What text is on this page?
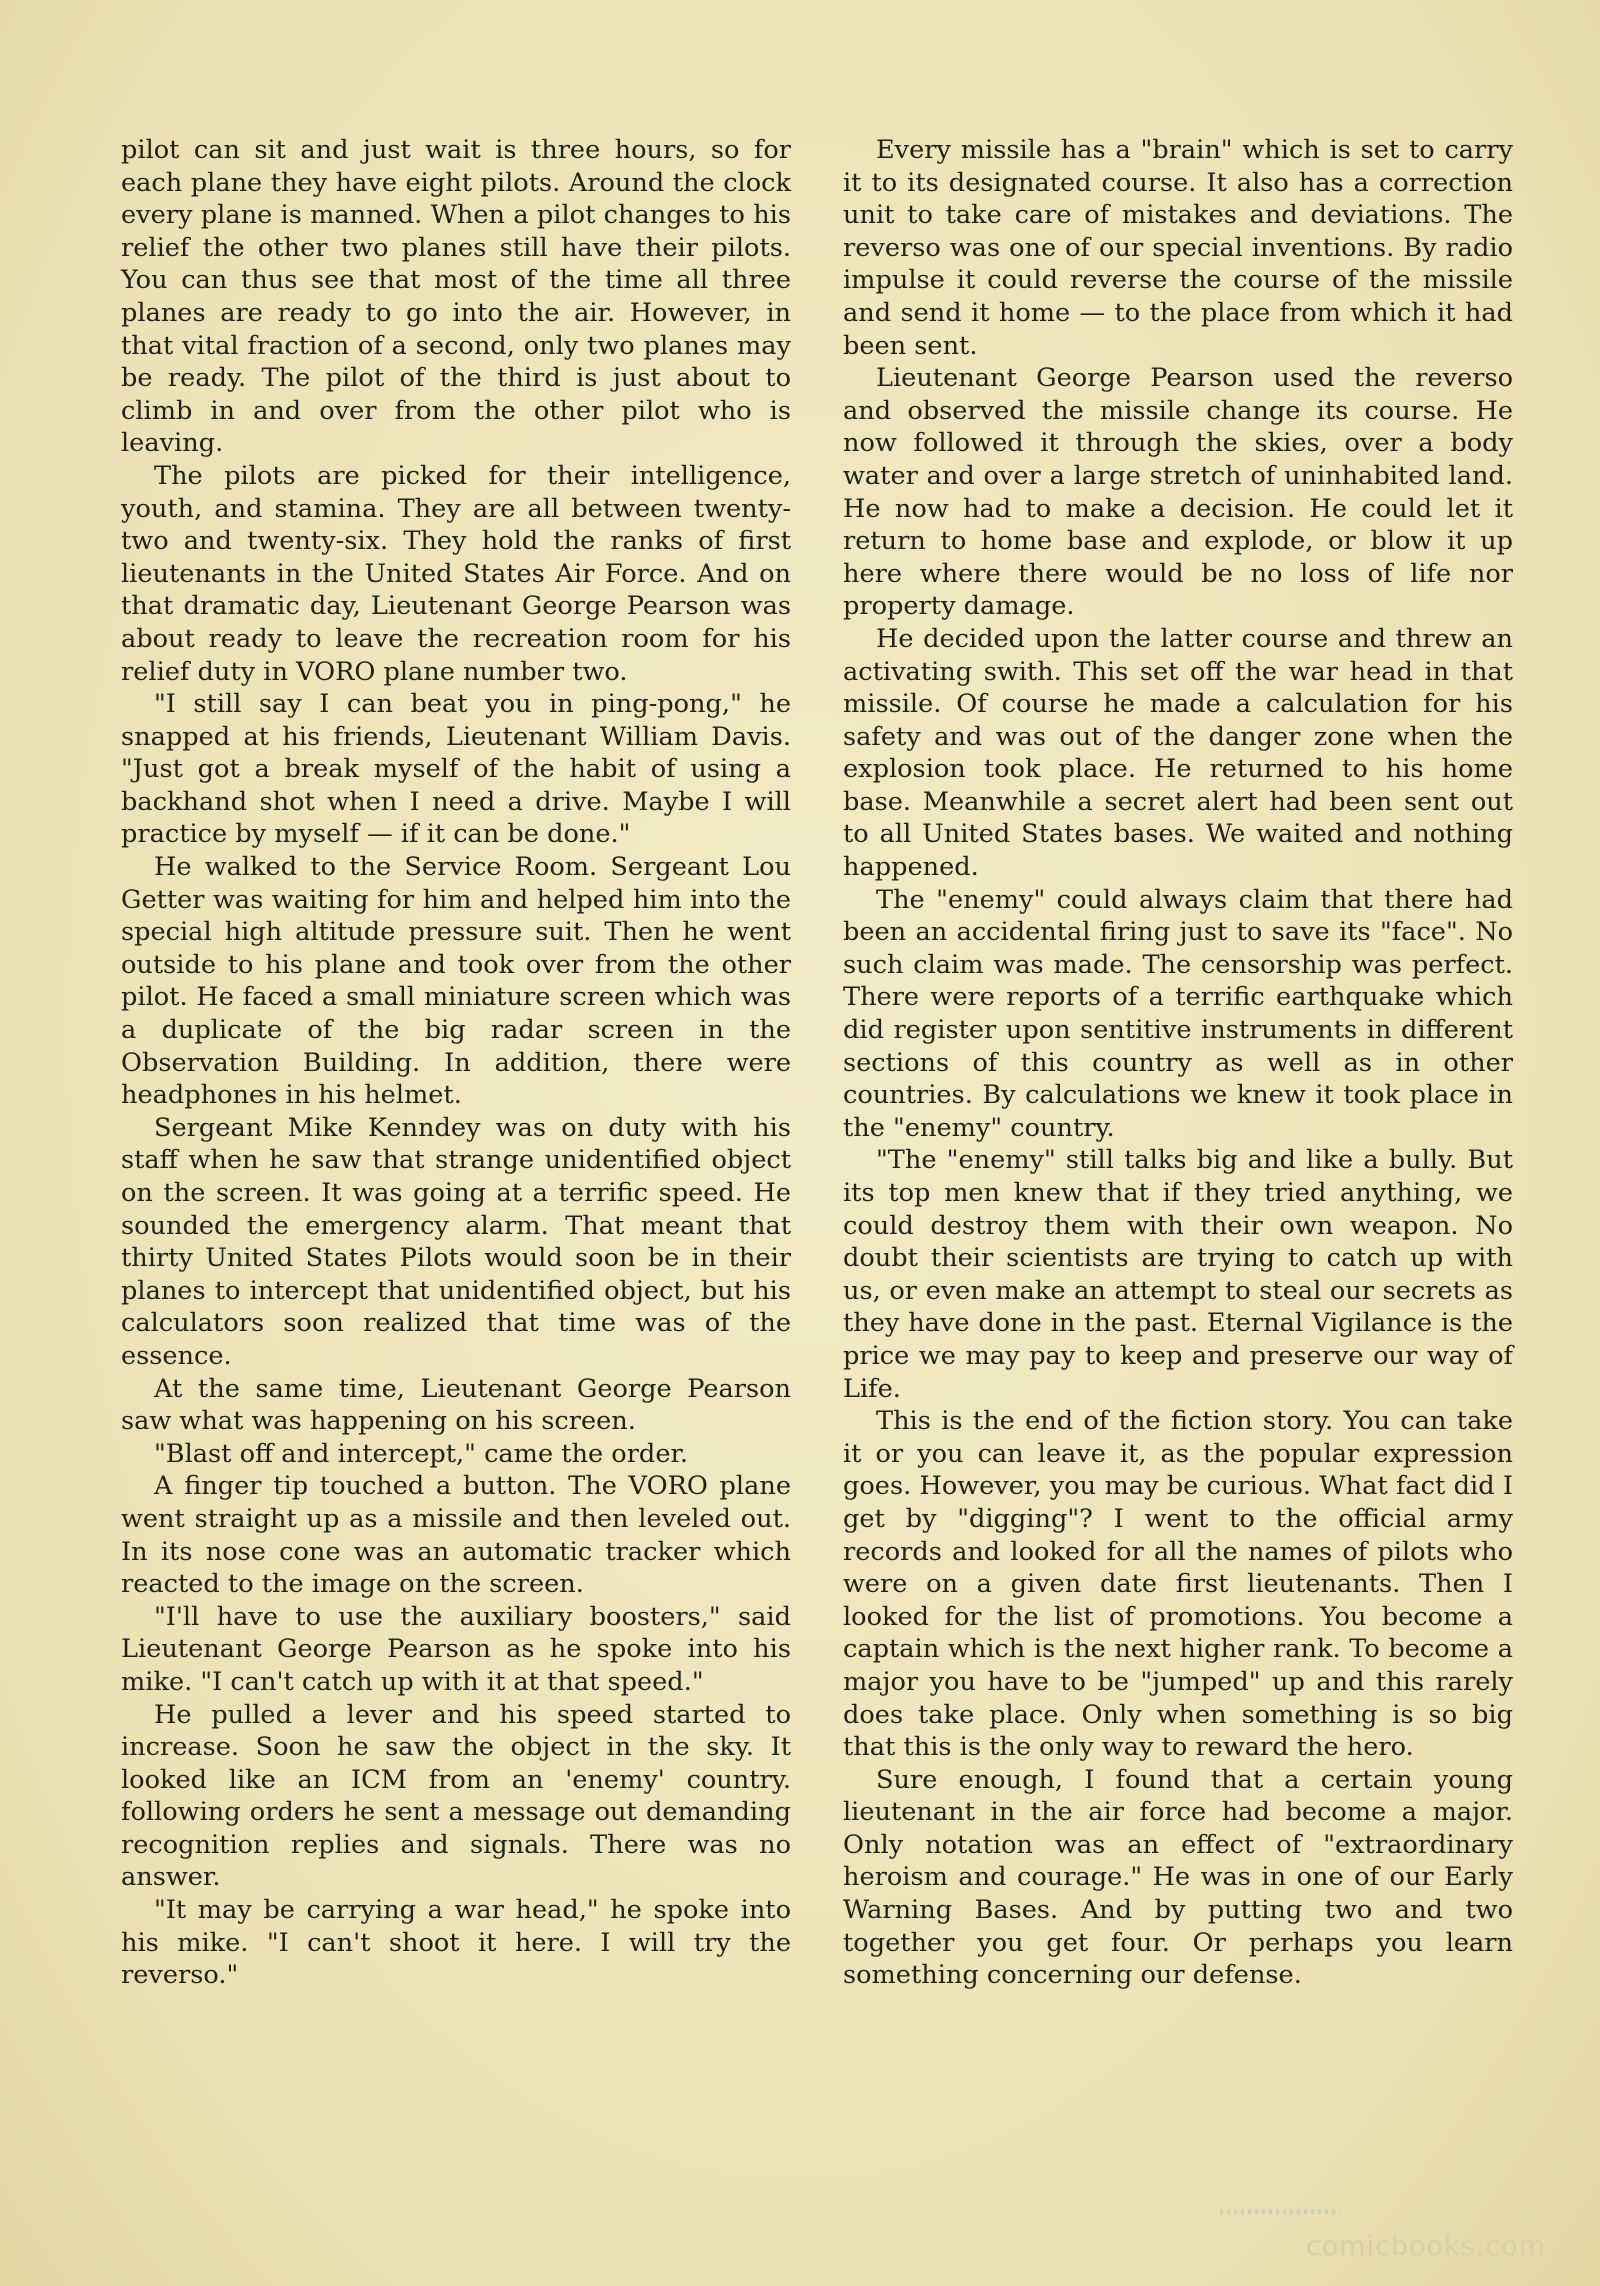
pilot can sit and just wait is three hours, so for each plane they have eight pilots. Around the clock every plane is manned. When a pilot changes to his relief the other two planes still have their pilots. You can thus see that most of the time all three planes are ready to go into the air. However, in that vital fraction of a second, only two planes may be ready. The pilot of the third is just about to climb in and over from the other pilot who is leaving.

The pilots are picked for their intelligence, youth, and stamina. They are all between twenty-two and twenty-six. They hold the ranks of first lieutenants in the United States Air Force. And on that dramatic day, Lieutenant George Pearson was about ready to leave the recreation room for his relief duty in VORO plane number two.

"I still say I can beat you in ping-pong," he snapped at his friends, Lieutenant William Davis. "Just got a break myself of the habit of using a backhand shot when I need a drive. Maybe I will practice by myself — if it can be done."

He walked to the Service Room. Sergeant Lou Getter was waiting for him and helped him into the special high altitude pressure suit. Then he went outside to his plane and took over from the other pilot. He faced a small miniature screen which was a duplicate of the big radar screen in the Observation Building. In addition, there were headphones in his helmet.

Sergeant Mike Kenndey was on duty with his staff when he saw that strange unidentified object on the screen. It was going at a terrific speed. He sounded the emergency alarm. That meant that thirty United States Pilots would soon be in their planes to intercept that unidentified object, but his calculators soon realized that time was of the essence.

At the same time, Lieutenant George Pearson saw what was happening on his screen.

"Blast off and intercept," came the order.

A finger tip touched a button. The VORO plane went straight up as a missile and then leveled out. In its nose cone was an automatic tracker which reacted to the image on the screen.

"I'll have to use the auxiliary boosters," said Lieutenant George Pearson as he spoke into his mike. "I can't catch up with it at that speed."

He pulled a lever and his speed started to increase. Soon he saw the object in the sky. It looked like an ICM from an 'enemy' country. following orders he sent a message out demanding recognition replies and signals. There was no answer.

"It may be carrying a war head," he spoke into his mike. "I can't shoot it here. I will try the reverso."

Every missile has a "brain" which is set to carry it to its designated course. It also has a correction unit to take care of mistakes and deviations. The reverso was one of our special inventions. By radio impulse it could reverse the course of the missile and send it home — to the place from which it had been sent.

Lieutenant George Pearson used the reverso and observed the missile change its course. He now followed it through the skies, over a body water and over a large stretch of uninhabited land. He now had to make a decision. He could let it return to home base and explode, or blow it up here where there would be no loss of life nor property damage.

He decided upon the latter course and threw an activating swith. This set off the war head in that missile. Of course he made a calculation for his safety and was out of the danger zone when the explosion took place. He returned to his home base. Meanwhile a secret alert had been sent out to all United States bases. We waited and nothing happened.

The "enemy" could always claim that there had been an accidental firing just to save its "face". No such claim was made. The censorship was perfect. There were reports of a terrific earthquake which did register upon sentitive instruments in different sections of this country as well as in other countries. By calculations we knew it took place in the "enemy" country.

"The "enemy" still talks big and like a bully. But its top men knew that if they tried anything, we could destroy them with their own weapon. No doubt their scientists are trying to catch up with us, or even make an attempt to steal our secrets as they have done in the past. Eternal Vigilance is the price we may pay to keep and preserve our way of Life.

This is the end of the fiction story. You can take it or you can leave it, as the popular expression goes. However, you may be curious. What fact did I get by "digging"? I went to the official army records and looked for all the names of pilots who were on a given date first lieutenants. Then I looked for the list of promotions. You become a captain which is the next higher rank. To become a major you have to be "jumped" up and this rarely does take place. Only when something is so big that this is the only way to reward the hero.

Sure enough, I found that a certain young lieutenant in the air force had become a major. Only notation was an effect of "extraordinary heroism and courage." He was in one of our Early Warning Bases. And by putting two and two together you get four. Or perhaps you learn something concerning our defense.

comicbooks.com
